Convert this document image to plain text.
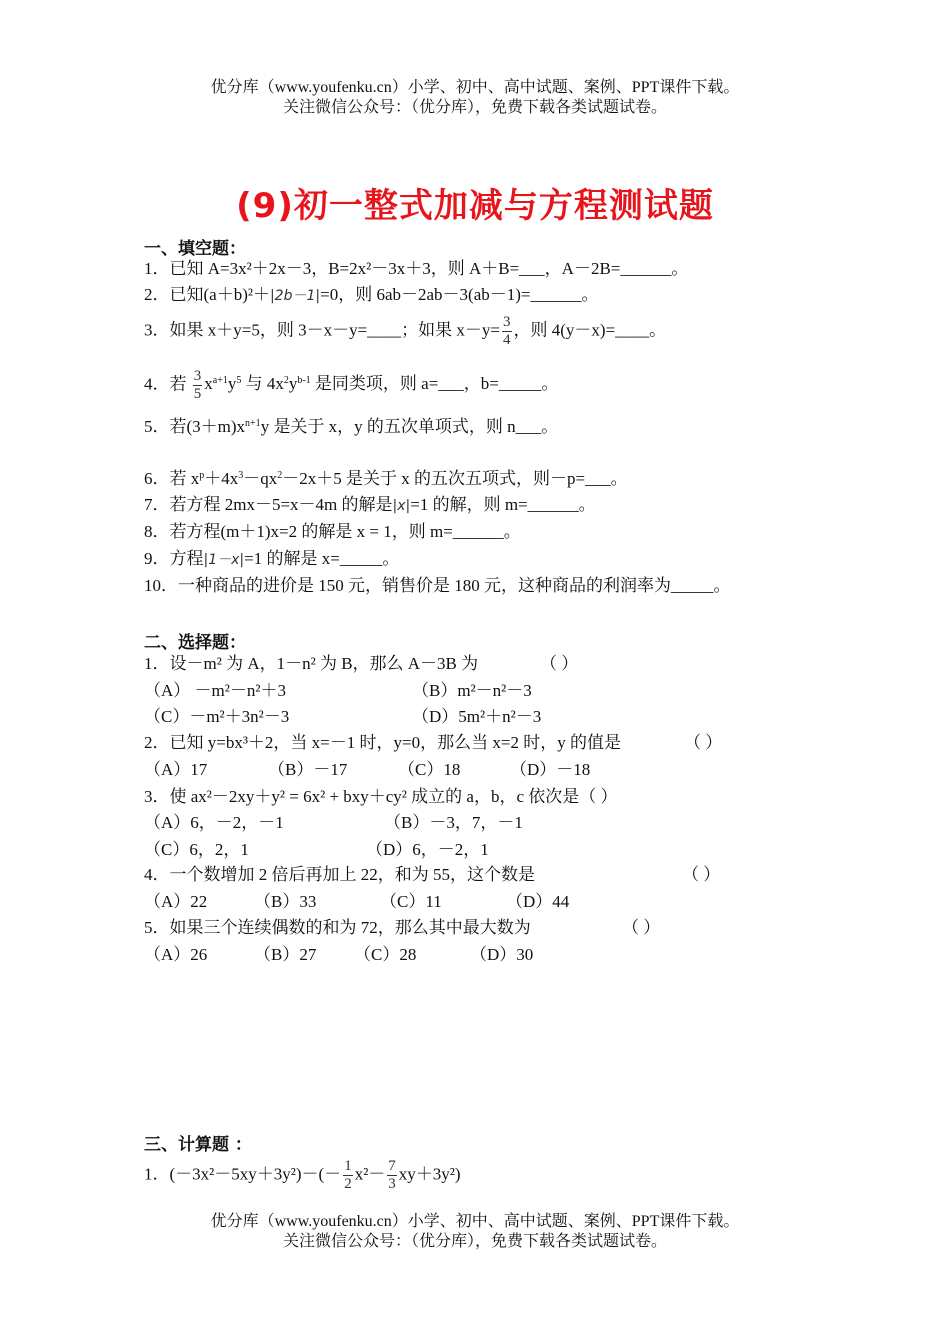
优分库（www.youfenku.cn）小学、初中、高中试题、案例、PPT课件下载。
关注微信公众号：（优分库），免费下载各类试题试卷。
(9)初一整式加减与方程测试题
一、填空题：
1．已知 A=3x²＋2x－3，B=2x²－3x＋3，则 A＋B=___，A－2B=______。
2．已知(a＋b)²＋|2b－1|=0，则 6ab－2ab－3(ab－1)=______。
3．如果 x＋y=5，则 3－x－y=____；如果 $x-y= \frac{3}{4}$ ，则 4(y－x)=____。
4．若 $\frac{3}{5} x^{a+1}y^5$ 与 $4x^2y^{b-1}$ 是同类项，则 a=___，b=_____。
5．若$(3+m)x^{n+1}y$ 是关于 x，y 的五次单项式，则 n___。
6．若 $x^p+4x^3-qx^2-2x+5$ 是关于 x 的五次五项式，则－p=___。
7．若方程 2mx－5=x－4m 的解是|x|=1 的解，则 m=______。
8．若方程(m＋1)x=2 的解是 x = 1，则 m=______。
9．方程|1－x|=1 的解是 x=_____。
10．一种商品的进价是 150 元，销售价是 180 元，这种商品的利润率为_____。
二、选择题：
1．设－m² 为 A，1－n² 为 B，那么 A－3B 为	（ ）
（A） －m²－n²＋3	（B）m²－n²－3
（C）－m²＋3n²－3	（D）5m²＋n²－3
2．已知 y=bx³＋2，当 x=－1 时，y=0，那么当 x=2 时，y 的值是	（ ）
（A）17	（B）－17	（C）18	（D）－18
3．使 ax²－2xy＋y² = 6x² + bxy＋cy² 成立的 a，b，c 依次是（ ）
（A）6，－2，－1	（B）－3，7，－1
（C）6，2，1	（D）6，－2，1
4．一个数增加 2 倍后再加上 22，和为 55，这个数是	（ ）
（A）22	（B）33	（C）11	（D）44
5．如果三个连续偶数的和为 72，那么其中最大数为	（ ）
（A）26	（B）27 （C）28	（D）30
三、计算题 ：
1．$(-3x^2-5xy+3y^2)-(- \frac{1}{2} x^2- \frac{7}{3} xy+3y^2)$
优分库（www.youfenku.cn）小学、初中、高中试题、案例、PPT课件下载。
关注微信公众号：（优分库），免费下载各类试题试卷。
